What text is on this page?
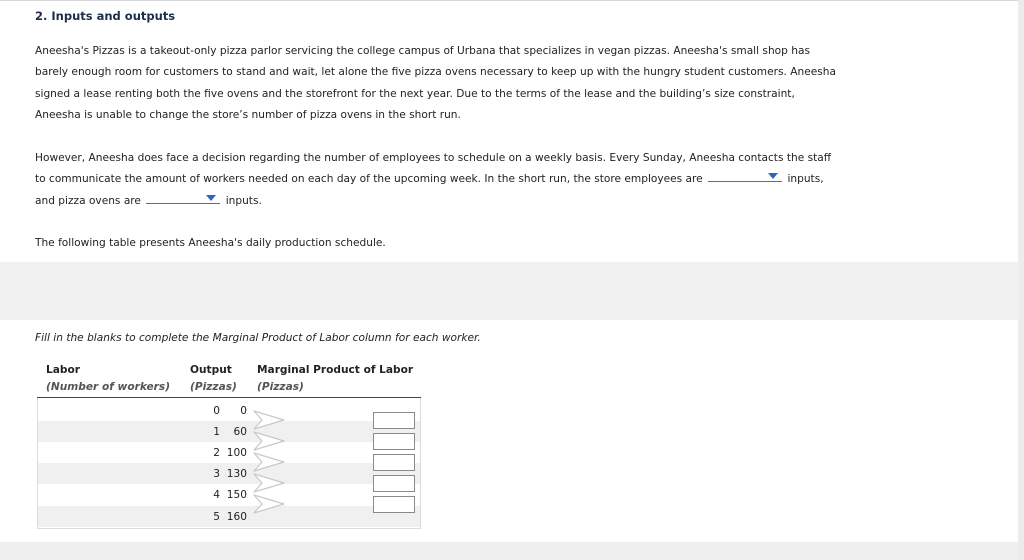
2. Inputs and outputs

Aneesha's Pizzas is a takeout-only pizza parlor servicing the college campus of Urbana that specializes in vegan pizzas. Aneesha's small shop has
barely enough room for customers to stand and wait, let alone the five pizza ovens necessary to keep up with the hungry student customers. Aneesha
signed a lease renting both the five ovens and the storefront for the next year. Due to the terms of the lease and the building’s size constraint,
Aneesha is unable to change the store’s number of pizza ovens in the short run.

However, Aneesha does face a decision regarding the number of employees to schedule on a weekly basis. Every Sunday, Aneesha contacts the staff
to communicate the amount of workers needed on each day of the upcoming week. In the short run, the store employees are	inputs,
and pizza ovens are	inputs.

The following table presents Aneesha's daily production schedule.

Fill in the blanks to complete the Marginal Product of Labor column for each worker.
Labor
(Number of workers)
Output
(Pizzas)
Marginal Product of Labor
(Pizzas)
0 0
1 60
2 100
3 130
4 150
5 160
